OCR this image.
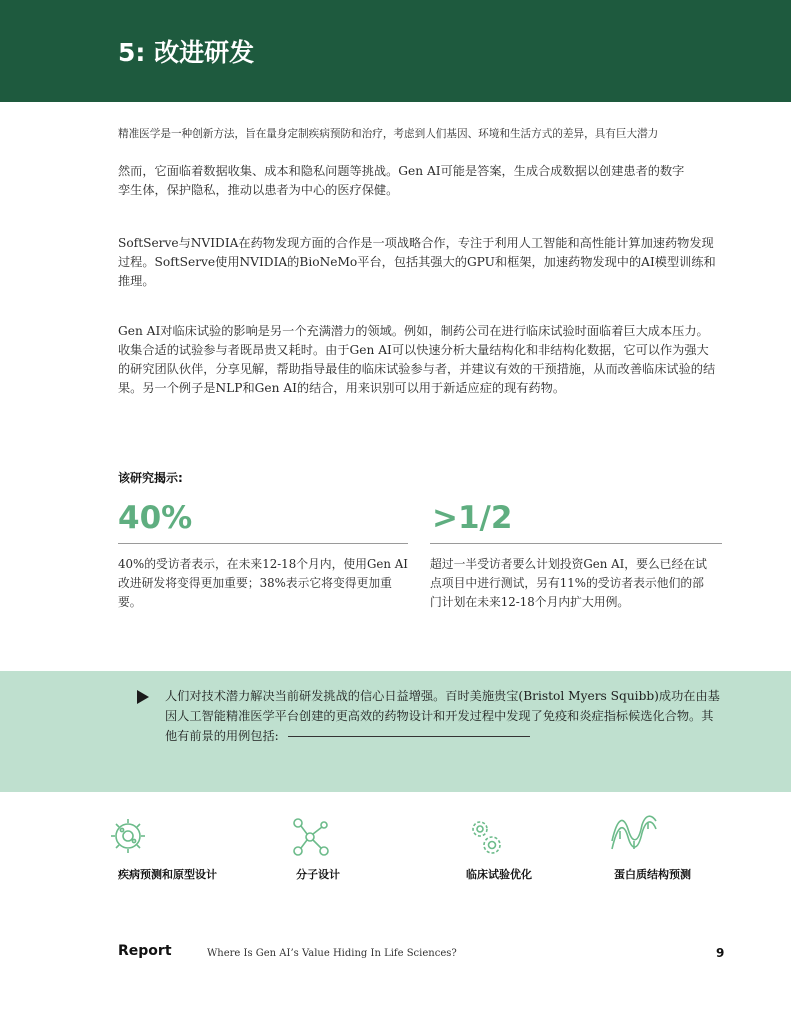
5: 改进研发

精准医学是一种创新方法，旨在量身定制疾病预防和治疗，考虑到人们基因、环境和生活方式的差异，具有巨大潜力

然而，它面临着数据收集、成本和隐私问题等挑战。Gen AI可能是答案，生成合成数据以创建患者的数字孪生体，保护隐私，推动以患者为中心的医疗保健。

SoftServe与NVIDIA在药物发现方面的合作是一项战略合作，专注于利用人工智能和高性能计算加速药物发现过程。SoftServe使用NVIDIA的BioNeMo平台，包括其强大的GPU和框架，加速药物发现中的AI模型训练和推理。

Gen AI对临床试验的影响是另一个充满潜力的领域。例如，制药公司在进行临床试验时面临着巨大成本压力。收集合适的试验参与者既昂贵又耗时。由于Gen AI可以快速分析大量结构化和非结构化数据，它可以作为强大的研究团队伙伴，分享见解，帮助指导最佳的临床试验参与者，并建议有效的干预措施，从而改善临床试验的结果。另一个例子是NLP和Gen AI的结合，用来识别可以用于新适应症的现有药物。

该研究揭示:

40%

40%的受访者表示，在未来12-18个月内，使用Gen AI改进研发将变得更加重要；38%表示它将变得更加重要。

>1/2

超过一半受访者要么计划投资Gen AI，要么已经在试点项目中进行测试，另有11%的受访者表示他们的部门计划在未来12-18个月内扩大用例。

人们对技术潜力解决当前研发挑战的信心日益增强。百时美施贵宝(Bristol Myers Squibb)成功在由基因人工智能精准医学平台创建的更高效的药物设计和开发过程中发现了免疫和炎症指标候选化合物。其他有前景的用例包括:

疾病预测和原型设计	分子设计	临床试验优化	蛋白质结构预测

Report	Where Is Gen AI’s Value Hiding In Life Sciences?	9
